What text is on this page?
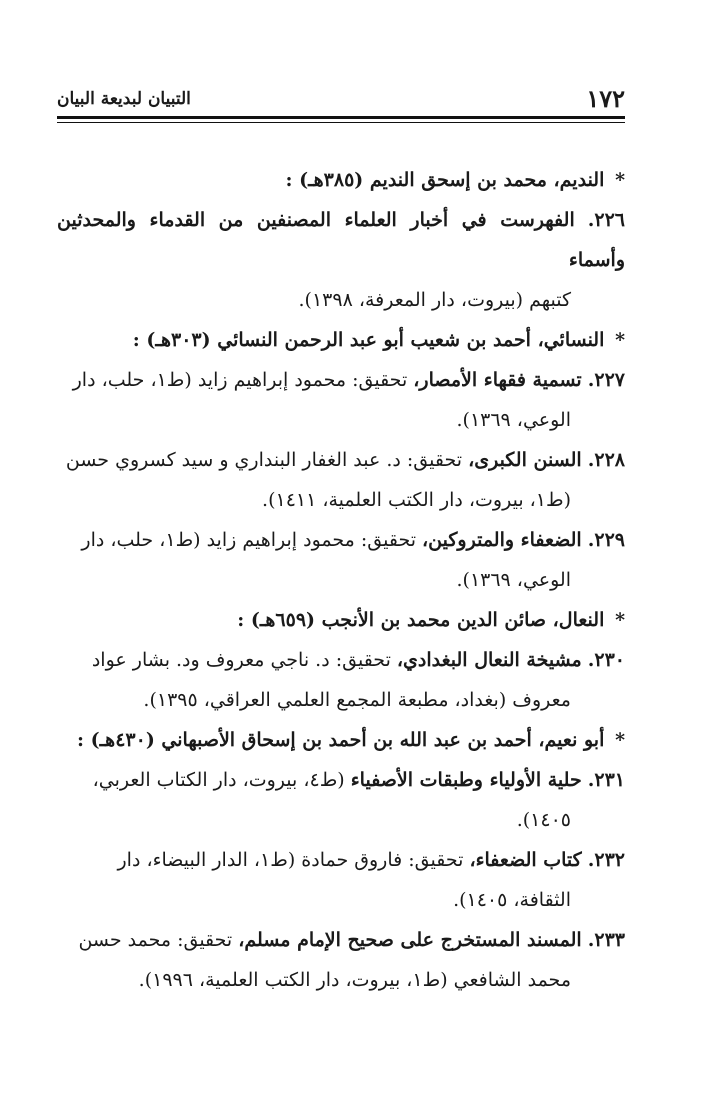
١٧٢
التبيان لبديعة البيان

* النديم، محمد بن إسحق النديم (٣٨٥هـ) :

٢٢٦. الفهرست في أخبار العلماء المصنفين من القدماء والمحدثين وأسماء
كتبهم (بيروت، دار المعرفة، ١٣٩٨).

* النسائي، أحمد بن شعيب أبو عبد الرحمن النسائي (٣٠٣هـ) :

٢٢٧. تسمية فقهاء الأمصار، تحقيق: محمود إبراهيم زايد (ط١، حلب، دار
الوعي، ١٣٦٩).

٢٢٨. السنن الكبرى، تحقيق: د. عبد الغفار البنداري و سيد كسروي حسن
(ط١، بيروت، دار الكتب العلمية، ١٤١١).

٢٢٩. الضعفاء والمتروكين، تحقيق: محمود إبراهيم زايد (ط١، حلب، دار
الوعي، ١٣٦٩).

* النعال، صائن الدين محمد بن الأنجب (٦٥٩هـ) :

٢٣٠. مشيخة النعال البغدادي، تحقيق: د. ناجي معروف ود. بشار عواد
معروف (بغداد، مطبعة المجمع العلمي العراقي، ١٣٩٥).

* أبو نعيم، أحمد بن عبد الله بن أحمد بن إسحاق الأصبهاني (٤٣٠هـ) :

٢٣١. حلية الأولياء وطبقات الأصفياء (ط٤، بيروت، دار الكتاب العربي،
١٤٠٥).

٢٣٢. كتاب الضعفاء، تحقيق: فاروق حمادة (ط١، الدار البيضاء، دار
الثقافة، ١٤٠٥).

٢٣٣. المسند المستخرج على صحيح الإمام مسلم، تحقيق: محمد حسن
محمد الشافعي (ط١، بيروت، دار الكتب العلمية، ١٩٩٦).
